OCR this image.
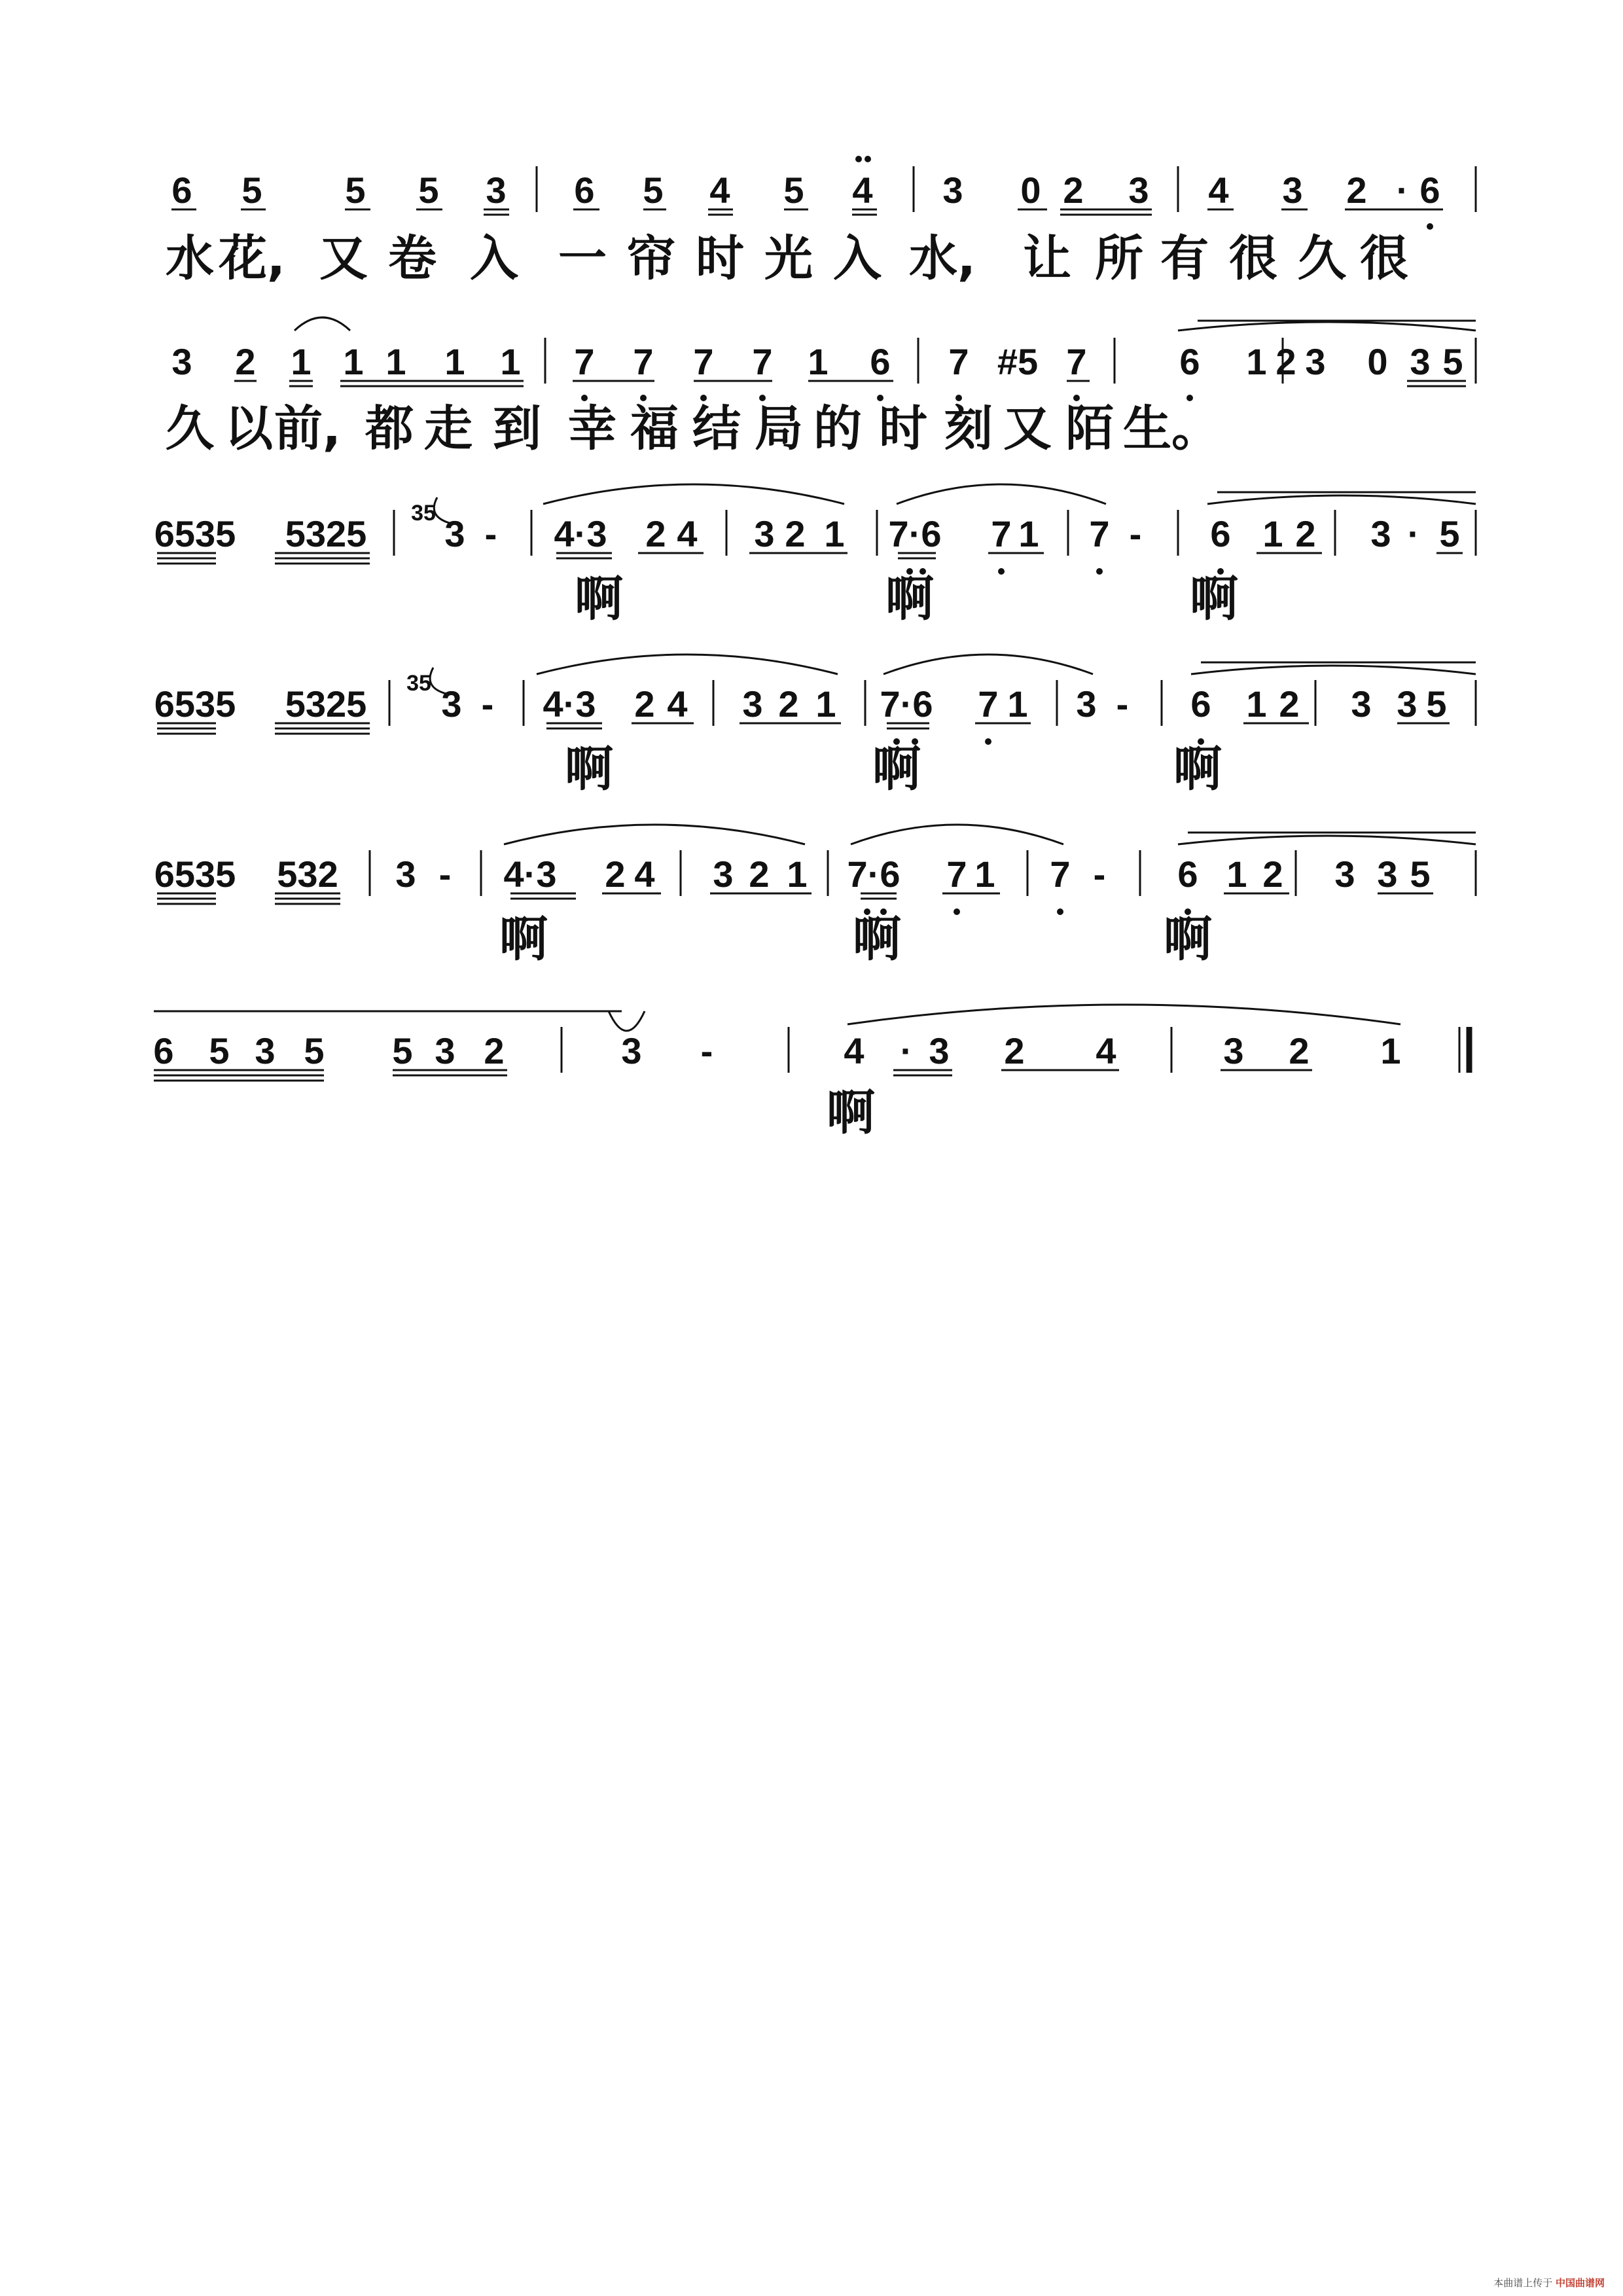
6 5 5 5 3 6 5 4 5 4 3 0 2 3 4 3 2 · 6
水 花, 又 卷 入 一 帘 时 光 入 水, 让 所 有 很 久 很
3 2 1 1 1 1 1 7 7 7 7 1 6 7 #5 7	6 1 2 3 0 3 5
久 以 前, 都 走 到 幸 福 结 局 的 时 刻 又 陌 生。
6535 5325 35 3 - 4·3 2 4 3 2 1 7·6 7 1 7 - 6 1 2 3 · 5
6535 5325 35 3 - 4·3 2 4 3 2 1 7·6 7 1 3 - 6 1 2 3 3 5
6535 532 3 - 4·3 2 4 3 2 1 7·6 7 1 7 - 6 1 2 3 3 5
啊	啊	啊
啊	啊	啊
啊	啊	啊
6 5 3 5 5 3 2	3 -	4 · 3 2 4	3 2 1
啊
本曲谱上传于 中国曲谱网
